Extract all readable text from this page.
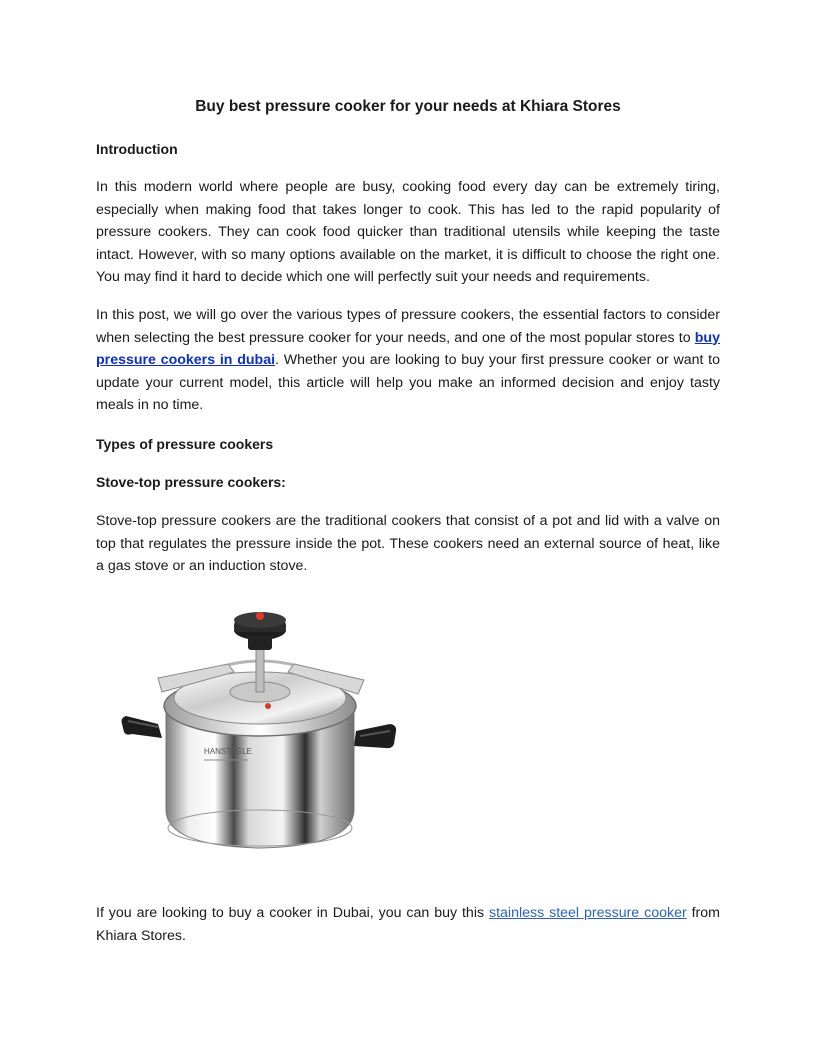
Buy best pressure cooker for your needs at Khiara Stores
Introduction
In this modern world where people are busy, cooking food every day can be extremely tiring, especially when making food that takes longer to cook. This has led to the rapid popularity of pressure cookers. They can cook food quicker than traditional utensils while keeping the taste intact. However, with so many options available on the market, it is difficult to choose the right one. You may find it hard to decide which one will perfectly suit your needs and requirements.
In this post, we will go over the various types of pressure cookers, the essential factors to consider when selecting the best pressure cooker for your needs, and one of the most popular stores to buy pressure cookers in dubai. Whether you are looking to buy your first pressure cooker or want to update your current model, this article will help you make an informed decision and enjoy tasty meals in no time.
Types of pressure cookers
Stove-top pressure cookers:
Stove-top pressure cookers are the traditional cookers that consist of a pot and lid with a valve on top that regulates the pressure inside the pot. These cookers need an external source of heat, like a gas stove or an induction stove.
HANSTAGLE
If you are looking to buy a cooker in Dubai, you can buy this stainless steel pressure cooker from Khiara Stores.
